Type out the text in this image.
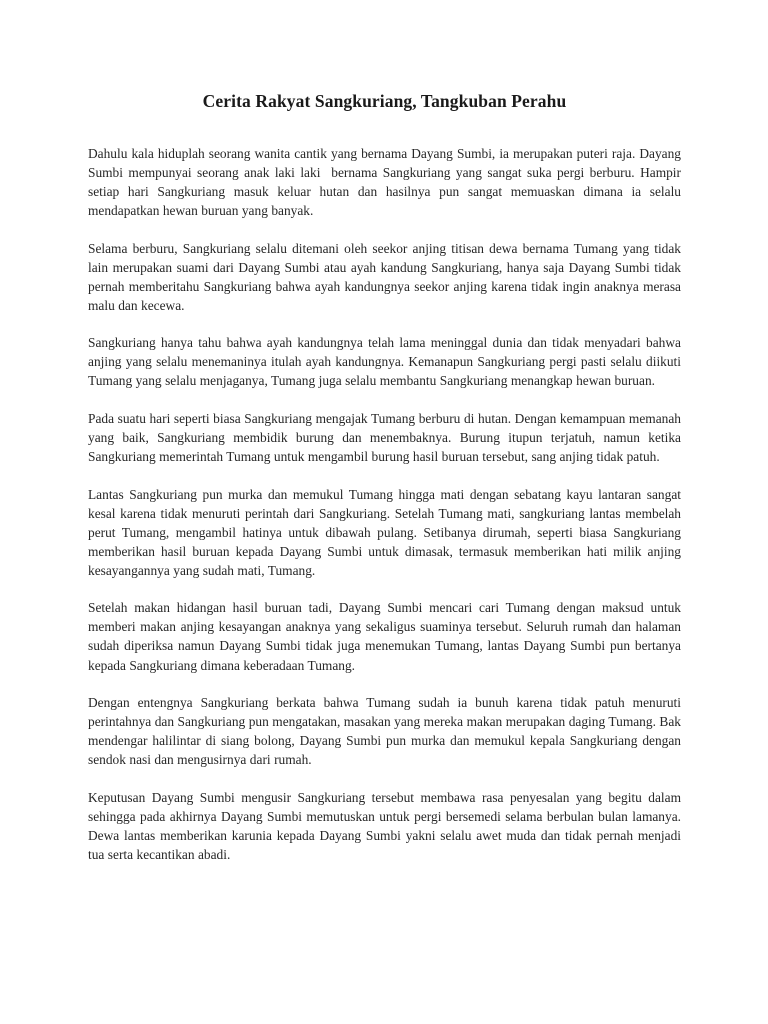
Cerita Rakyat Sangkuriang, Tangkuban Perahu

Dahulu kala hiduplah seorang wanita cantik yang bernama Dayang Sumbi, ia merupakan puteri raja. Dayang Sumbi mempunyai seorang anak laki laki  bernama Sangkuriang yang sangat suka pergi berburu. Hampir setiap hari Sangkuriang masuk keluar hutan dan hasilnya pun sangat memuaskan dimana ia selalu mendapatkan hewan buruan yang banyak.

Selama berburu, Sangkuriang selalu ditemani oleh seekor anjing titisan dewa bernama Tumang yang tidak lain merupakan suami dari Dayang Sumbi atau ayah kandung Sangkuriang, hanya saja Dayang Sumbi tidak pernah memberitahu Sangkuriang bahwa ayah kandungnya seekor anjing karena tidak ingin anaknya merasa malu dan kecewa.

Sangkuriang hanya tahu bahwa ayah kandungnya telah lama meninggal dunia dan tidak menyadari bahwa anjing yang selalu menemaninya itulah ayah kandungnya. Kemanapun Sangkuriang pergi pasti selalu diikuti Tumang yang selalu menjaganya, Tumang juga selalu membantu Sangkuriang menangkap hewan buruan.

Pada suatu hari seperti biasa Sangkuriang mengajak Tumang berburu di hutan. Dengan kemampuan memanah yang baik, Sangkuriang membidik burung dan menembaknya. Burung itupun terjatuh, namun ketika Sangkuriang memerintah Tumang untuk mengambil burung hasil buruan tersebut, sang anjing tidak patuh.

Lantas Sangkuriang pun murka dan memukul Tumang hingga mati dengan sebatang kayu lantaran sangat kesal karena tidak menuruti perintah dari Sangkuriang. Setelah Tumang mati, sangkuriang lantas membelah perut Tumang, mengambil hatinya untuk dibawah pulang. Setibanya dirumah, seperti biasa Sangkuriang memberikan hasil buruan kepada Dayang Sumbi untuk dimasak, termasuk memberikan hati milik anjing kesayangannya yang sudah mati, Tumang.

Setelah makan hidangan hasil buruan tadi, Dayang Sumbi mencari cari Tumang dengan maksud untuk memberi makan anjing kesayangan anaknya yang sekaligus suaminya tersebut. Seluruh rumah dan halaman sudah diperiksa namun Dayang Sumbi tidak juga menemukan Tumang, lantas Dayang Sumbi pun bertanya kepada Sangkuriang dimana keberadaan Tumang.

Dengan entengnya Sangkuriang berkata bahwa Tumang sudah ia bunuh karena tidak patuh menuruti perintahnya dan Sangkuriang pun mengatakan, masakan yang mereka makan merupakan daging Tumang. Bak mendengar halilintar di siang bolong, Dayang Sumbi pun murka dan memukul kepala Sangkuriang dengan sendok nasi dan mengusirnya dari rumah.

Keputusan Dayang Sumbi mengusir Sangkuriang tersebut membawa rasa penyesalan yang begitu dalam sehingga pada akhirnya Dayang Sumbi memutuskan untuk pergi bersemedi selama berbulan bulan lamanya. Dewa lantas memberikan karunia kepada Dayang Sumbi yakni selalu awet muda dan tidak pernah menjadi tua serta kecantikan abadi.
